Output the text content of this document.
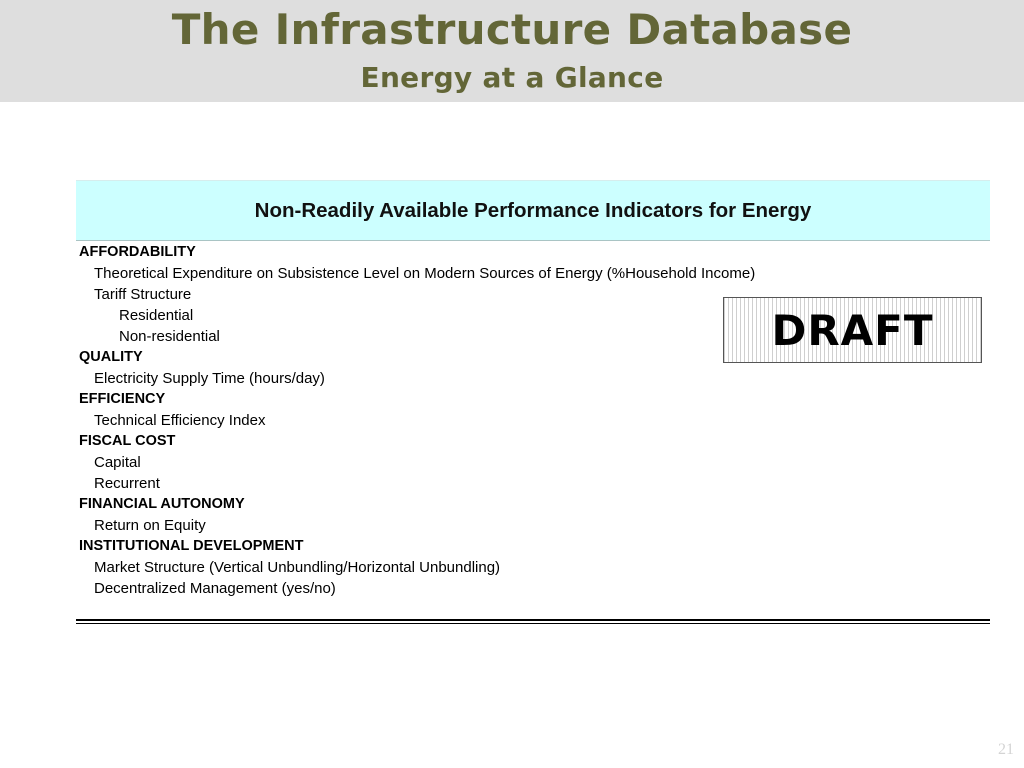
The Infrastructure Database
Energy at a Glance
Non-Readily Available Performance Indicators for Energy
AFFORDABILITY
Theoretical Expenditure on Subsistence Level on Modern Sources of Energy (%Household Income)
Tariff Structure
Residential
Non-residential
QUALITY
Electricity Supply Time (hours/day)
EFFICIENCY
Technical Efficiency Index
FISCAL COST
Capital
Recurrent
FINANCIAL AUTONOMY
Return on Equity
INSTITUTIONAL DEVELOPMENT
Market Structure (Vertical Unbundling/Horizontal Unbundling)
Decentralized Management (yes/no)
DRAFT
21
